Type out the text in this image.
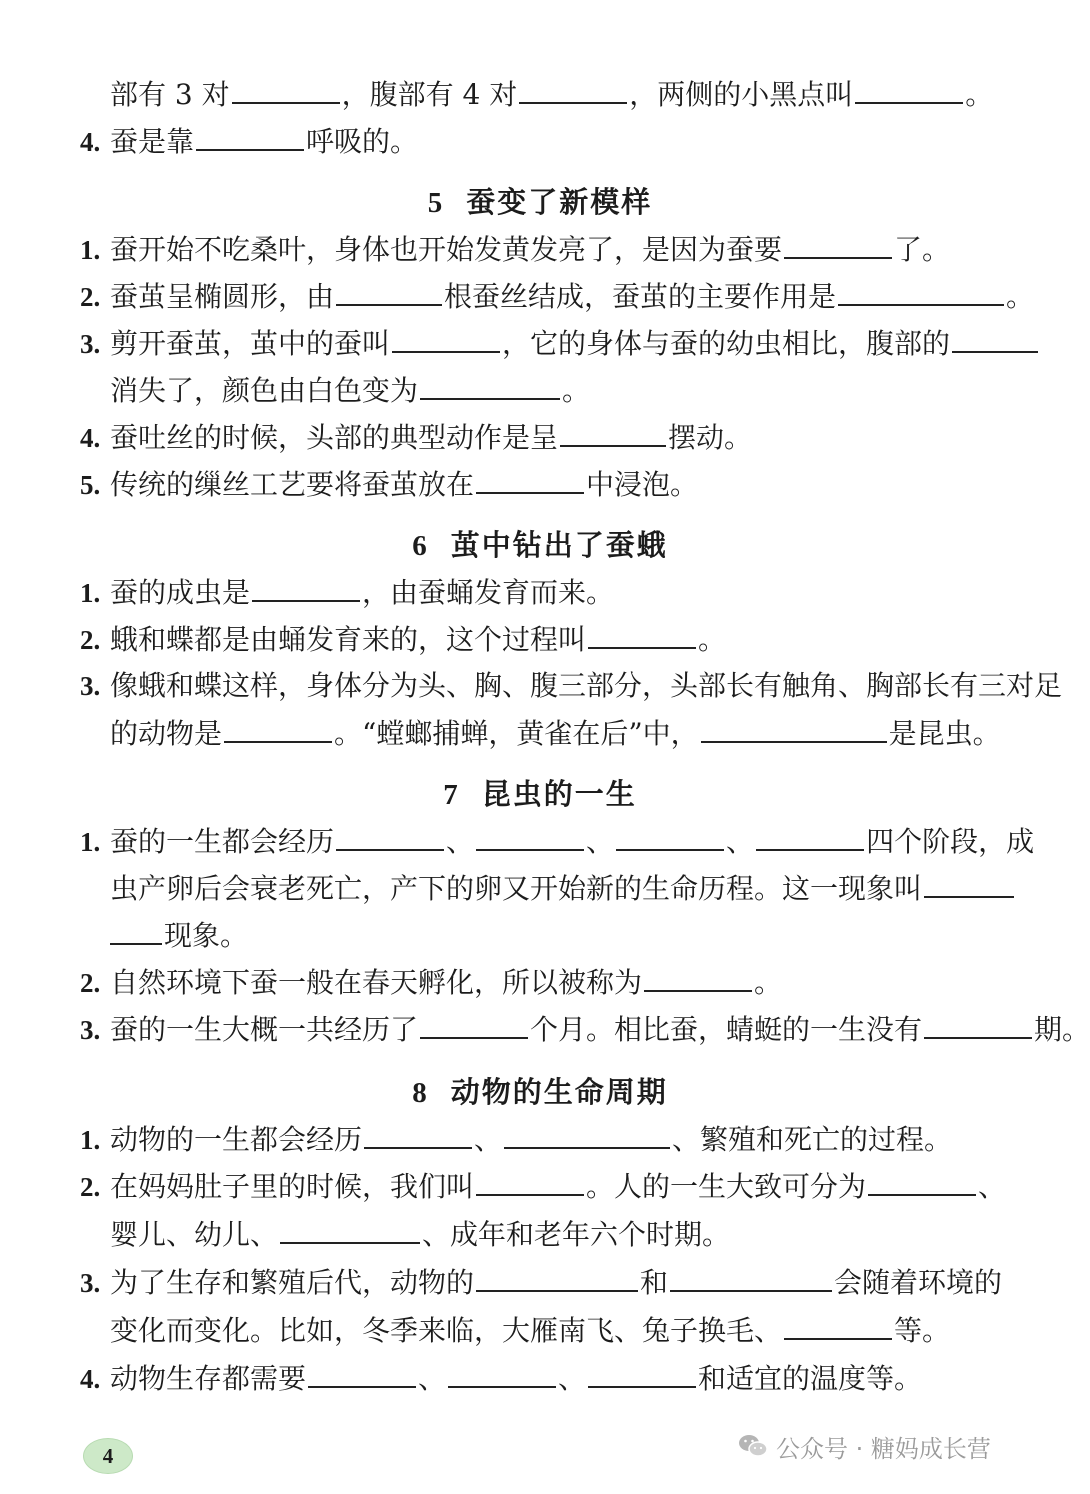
部有 3 对	，腹部有 4 对	，两侧的小黑点叫	。
4. 蚕是靠	呼吸的。
5 蚕变了新模样
1. 蚕开始不吃桑叶，身体也开始发黄发亮了，是因为蚕要	了。
2. 蚕茧呈椭圆形，由	根蚕丝结成，蚕茧的主要作用是	。
3. 剪开蚕茧，茧中的蚕叫	，它的身体与蚕的幼虫相比，腹部的
消失了，颜色由白色变为	。
4. 蚕吐丝的时候，头部的典型动作是呈	摆动。
5. 传统的缫丝工艺要将蚕茧放在	中浸泡。
6 茧中钻出了蚕蛾
1. 蚕的成虫是	，由蚕蛹发育而来。
2. 蛾和蝶都是由蛹发育来的，这个过程叫	。
3. 像蛾和蝶这样，身体分为头、胸、腹三部分，头部长有触角、胸部长有三对足
的动物是	。“螳螂捕蝉，黄雀在后”中，	是昆虫。
7 昆虫的一生
1. 蚕的一生都会经历	、	、	、	四个阶段，成
虫产卵后会衰老死亡，产下的卵又开始新的生命历程。这一现象叫
现象。
2. 自然环境下蚕一般在春天孵化，所以被称为	。
3. 蚕的一生大概一共经历了	个月。相比蚕，蜻蜓的一生没有	期。
8 动物的生命周期
1. 动物的一生都会经历	、	、繁殖和死亡的过程。
2. 在妈妈肚子里的时候，我们叫	。人的一生大致可分为	、
婴儿、幼儿、	、成年和老年六个时期。
3. 为了生存和繁殖后代，动物的	和	会随着环境的
变化而变化。比如，冬季来临，大雁南飞、兔子换毛、	等。
4. 动物生存都需要	、	、	和适宜的温度等。
4	公众号 · 糖妈成长营
